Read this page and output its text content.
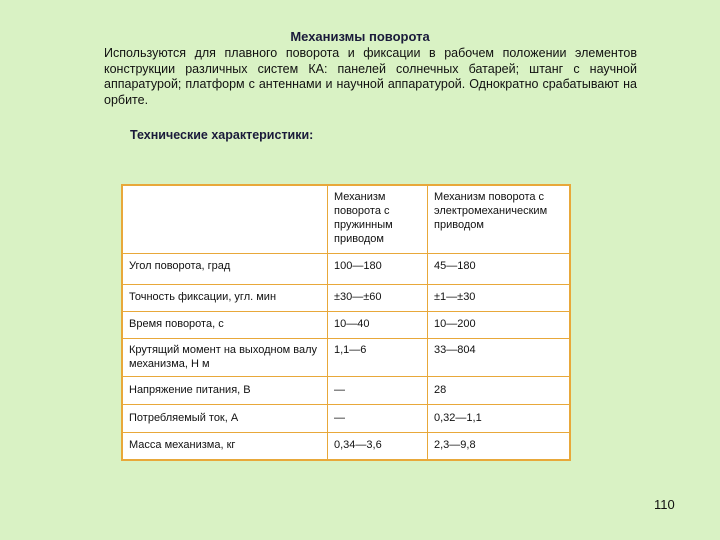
Механизмы поворота
Используются для плавного поворота и фиксации в рабочем положении элементов конструкции различных систем КА: панелей солнечных батарей; штанг с научной аппаратурой; платформ с антеннами и научной аппаратурой. Однократно срабатывают на орбите.
Технические характеристики:
	Механизм поворота с пружинным приводом	Механизм поворота с электромеханическим приводом
Угол поворота, град	100—180	45—180
Точность фиксации, угл. мин	±30—±60	±1—±30
Время поворота, с	10—40	10—200
Крутящий момент на выходном валу механизма, Н м	1,1—6	33—804
Напряжение питания, В	—	28
Потребляемый ток, А	—	0,32—1,1
Масса механизма, кг	0,34—3,6	2,3—9,8
110
